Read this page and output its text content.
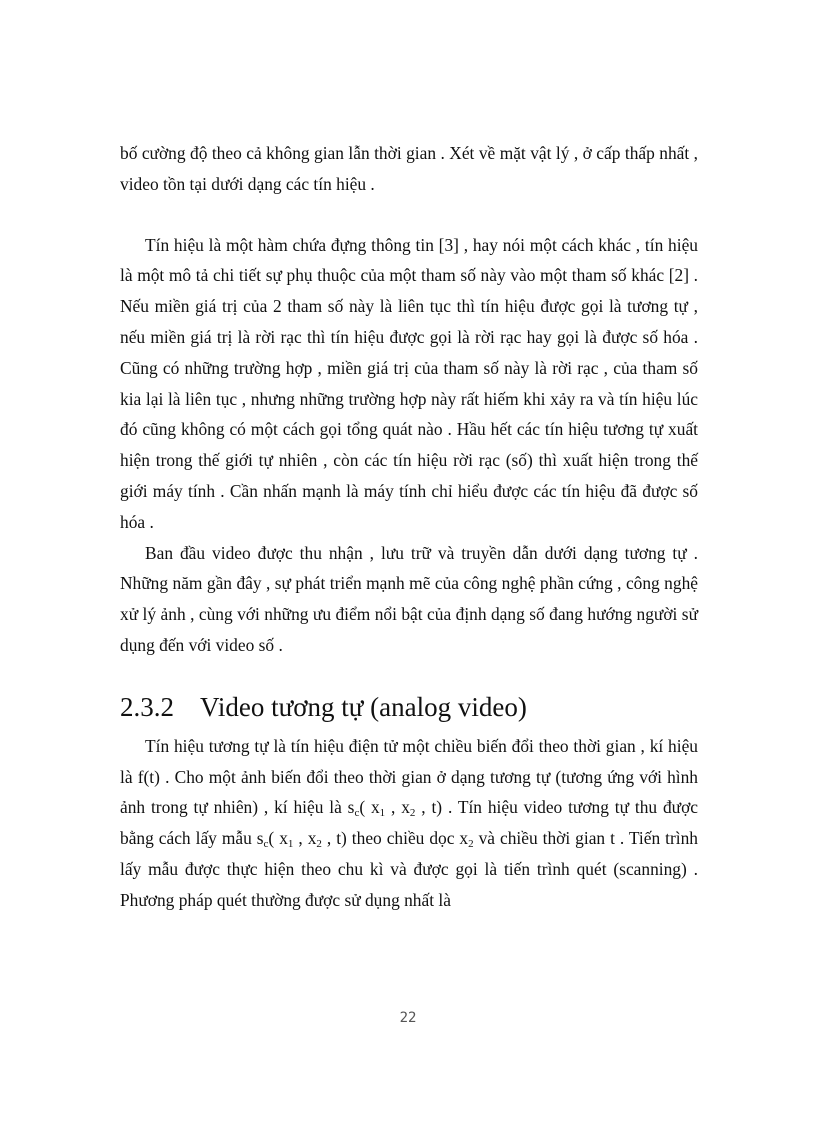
bố cường độ theo cả không gian lẫn thời gian . Xét về mặt vật lý , ở cấp thấp nhất , video tồn tại dưới dạng các tín hiệu .

Tín hiệu là một hàm chứa đựng thông tin [3] , hay nói một cách khác , tín hiệu là một mô tả chi tiết sự phụ thuộc của một tham số này vào một tham số khác [2] . Nếu miền giá trị của 2 tham số này là liên tục thì tín hiệu được gọi là tương tự , nếu miền giá trị là rời rạc thì tín hiệu được gọi là rời rạc hay gọi là được số hóa . Cũng có những trường hợp , miền giá trị của tham số này là rời rạc , của tham số kia lại là liên tục , nhưng những trường hợp này rất hiếm khi xảy ra và tín hiệu lúc đó cũng không có một cách gọi tổng quát nào . Hầu hết các tín hiệu tương tự xuất hiện trong thế giới tự nhiên , còn các tín hiệu rời rạc (số) thì xuất hiện trong thế giới máy tính . Cần nhấn mạnh là máy tính chỉ hiểu được các tín hiệu đã được số hóa .

Ban đầu video được thu nhận , lưu trữ và truyền dẫn dưới dạng tương tự . Những năm gần đây , sự phát triển mạnh mẽ của công nghệ phần cứng , công nghệ xử lý ảnh , cùng với những ưu điểm nổi bật của định dạng số đang hướng người sử dụng đến với video số .

2.3.2 Video tương tự (analog video)

Tín hiệu tương tự là tín hiệu điện tử một chiều biến đổi theo thời gian , kí hiệu là f(t) . Cho một ảnh biến đổi theo thời gian ở dạng tương tự (tương ứng với hình ảnh trong tự nhiên) , kí hiệu là $s_c$( $x_1$ , $x_2$ , t) . Tín hiệu video tương tự thu được bằng cách lấy mẫu $s_c$( $x_1$ , $x_2$ , t) theo chiều dọc $x_2$ và chiều thời gian t . Tiến trình lấy mẫu được thực hiện theo chu kì và được gọi là tiến trình quét (scanning) . Phương pháp quét thường được sử dụng nhất là

22
